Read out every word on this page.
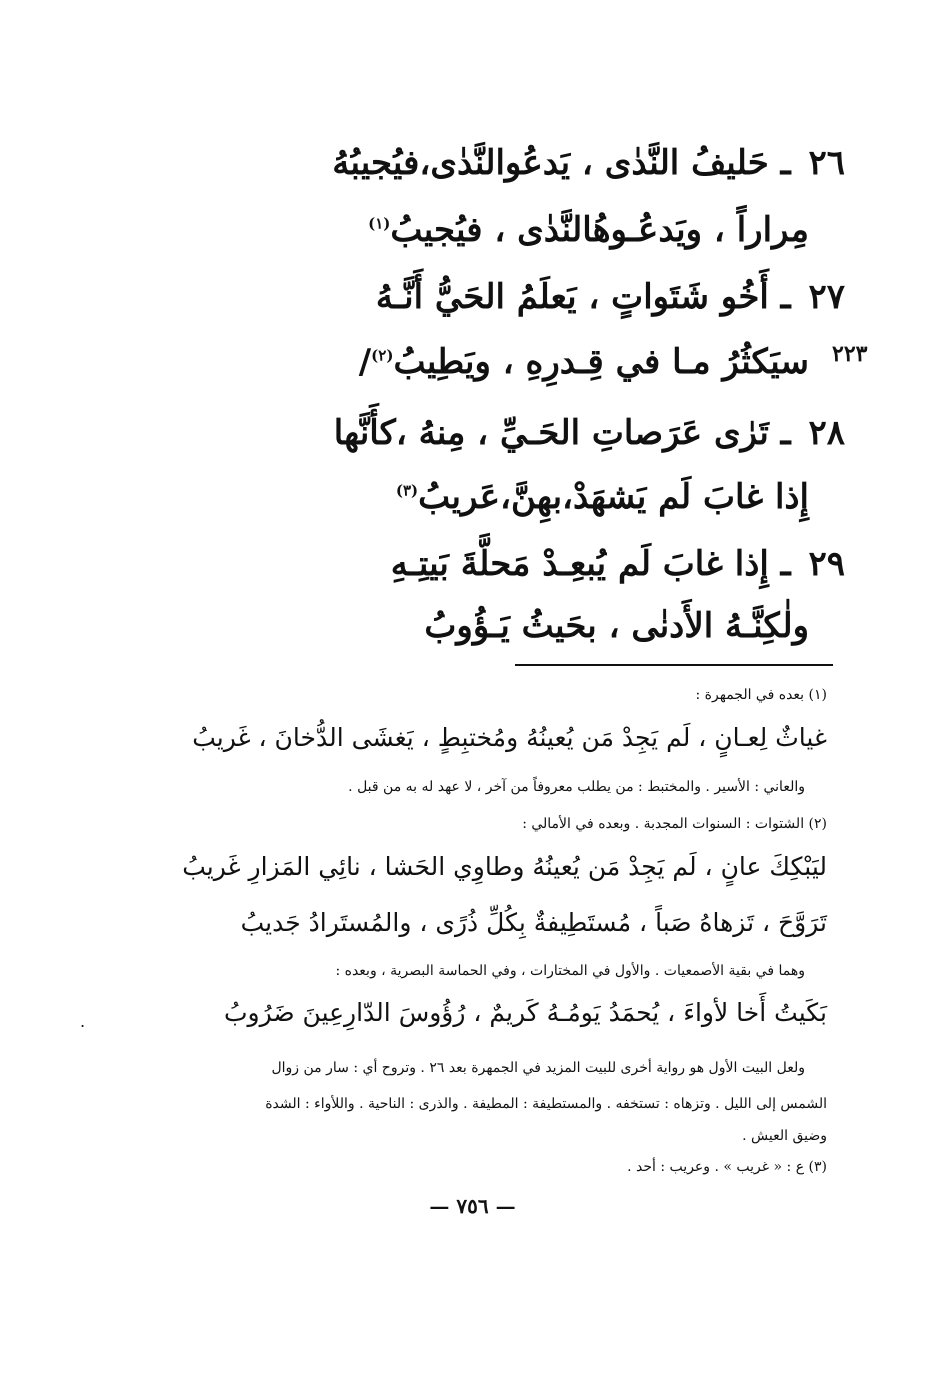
٢٦ ـ حَليفُ النَّدٰى ، يَدعُوالنَّدٰى،فيُجيبُهُ
مِراراً ، ويَدعُـوهُالنَّدٰى ، فيُجيبُ$^{(١)}$
٢٧ ـ أَخُو شَتَواتٍ ، يَعلَمُ الحَيُّ أَنَّـهُ
سيَكثُرُ مـا في قِـدرِهِ ، ويَطِيبُ$^{(٢)}$/	٢٢٣
٢٨ ـ تَرٰى عَرَصاتِ الحَـيِّ ، مِنهُ ،كأَنَّها
إِذا غابَ لَم يَشهَدْ،بهِنَّ،عَريبُ$^{(٣)}$
٢٩ ـ إِذا غابَ لَم يُبعِـدْ مَحلَّةَ بَيتِـهِ
ولٰكِنَّـهُ الأَدنٰى ، بحَيثُ يَـؤُوبُ
(١) بعده في الجمهرة :
غياثٌ لِعـانٍ ، لَم يَجِدْ مَن يُعينُهُ ومُختبِطٍ ، يَغشَى الدُّخانَ ، غَريبُ
والعاني : الأسير . والمختبط : من يطلب معروفاً من آخر ، لا عهد له به من قبل .
(٢) الشتوات : السنوات المجدبة . وبعده في الأمالي :
ليَبْكِكَ عانٍ ، لَم يَجِدْ مَن يُعينُهُ وطاوِي الحَشا ، نائِي المَزارِ غَريبُ
تَرَوَّحَ ، تَزهاهُ صَباً ، مُستَطِيفةٌ بِكُلِّ ذُرًى ، والمُستَرادُ جَديبُ
وهما في بقية الأصمعيات . والأول في المختارات ، وفي الحماسة البصرية ، وبعده :
بَكَيتُ أَخا لأواءَ ، يُحمَدُ يَومُـهُ كَريمٌ ، رُؤُوسَ الدّارِعِينَ ضَرُوبُ
.
ولعل البيت الأول هو رواية أخرى للبيت المزيد في الجمهرة بعد ٢٦ . وتروح أي : سار من زوال
الشمس إلى الليل . وتزهاه : تستخفه . والمستطيفة : المطيفة . والذرى : الناحية . واللأواء : الشدة
وضيق العيش .
(٣) ع : « غريب » . وعريب : أحد .
— ٧٥٦ —
